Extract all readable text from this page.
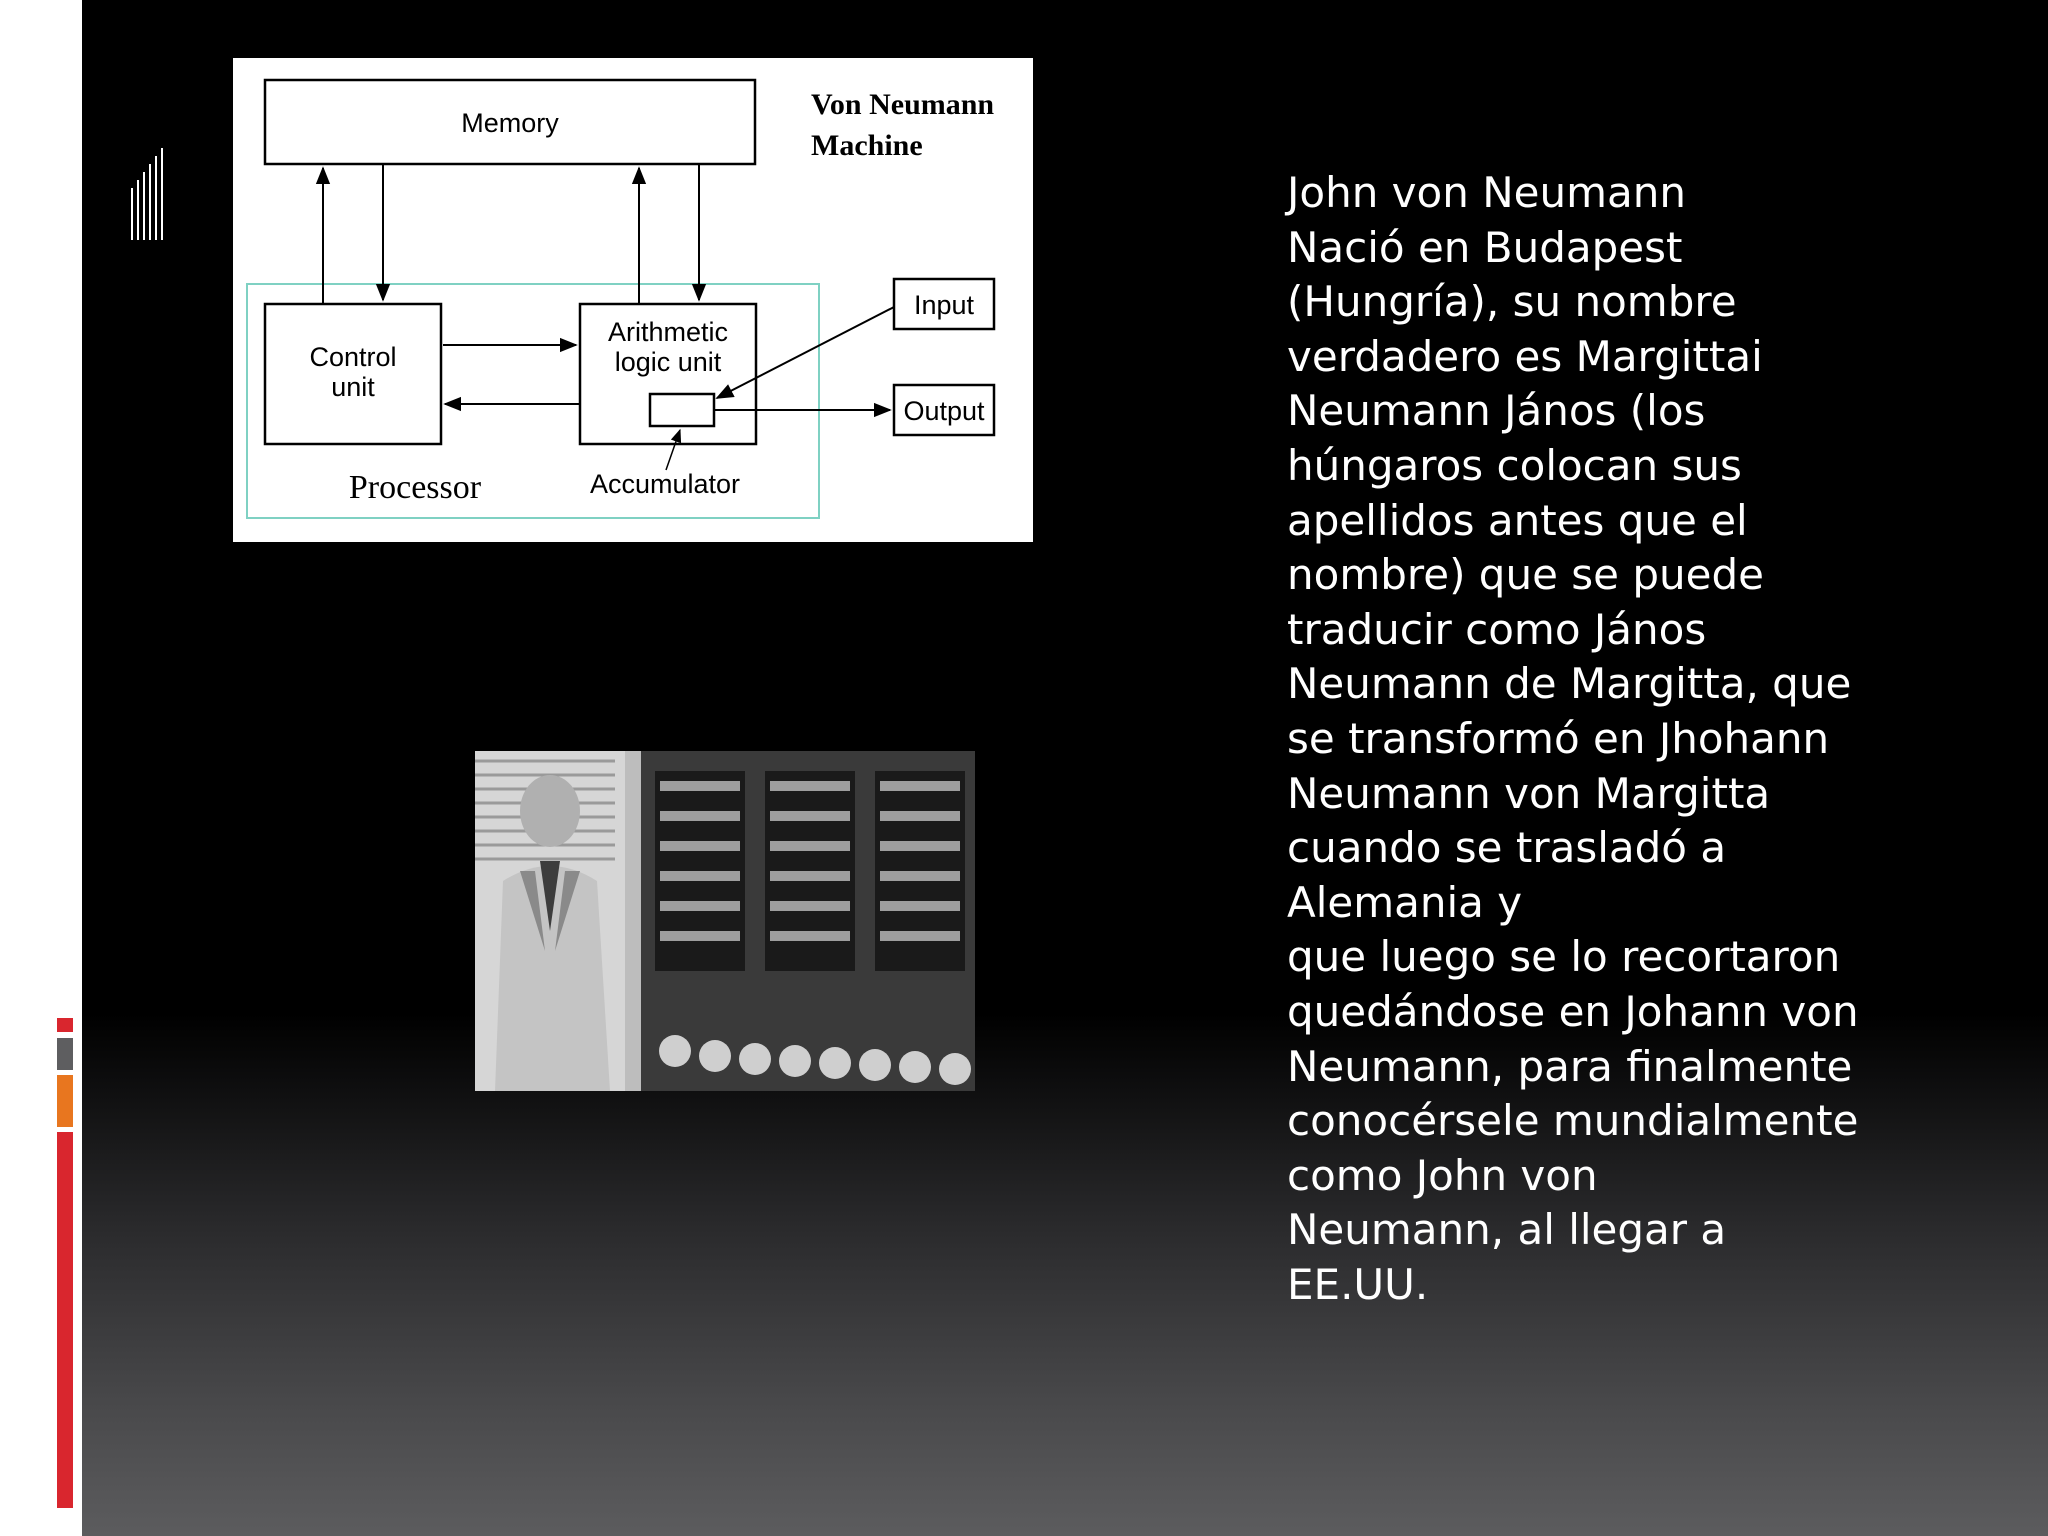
Memory
Von Neumann
Machine
Control
unit
Arithmetic
logic unit
Input
Output
Processor	Accumulator
John von Neumann
Nació en Budapest
(Hungría), su nombre
verdadero es Margittai
Neumann János (los
húngaros colocan sus
apellidos antes que el
nombre) que se puede
traducir como János
Neumann de Margitta, que
se transformó en Jhohann
Neumann von Margitta
cuando se trasladó a
Alemania y
que luego se lo recortaron
quedándose en Johann von
Neumann, para finalmente
conocérsele mundialmente
como John von
Neumann, al llegar a
EE.UU.
